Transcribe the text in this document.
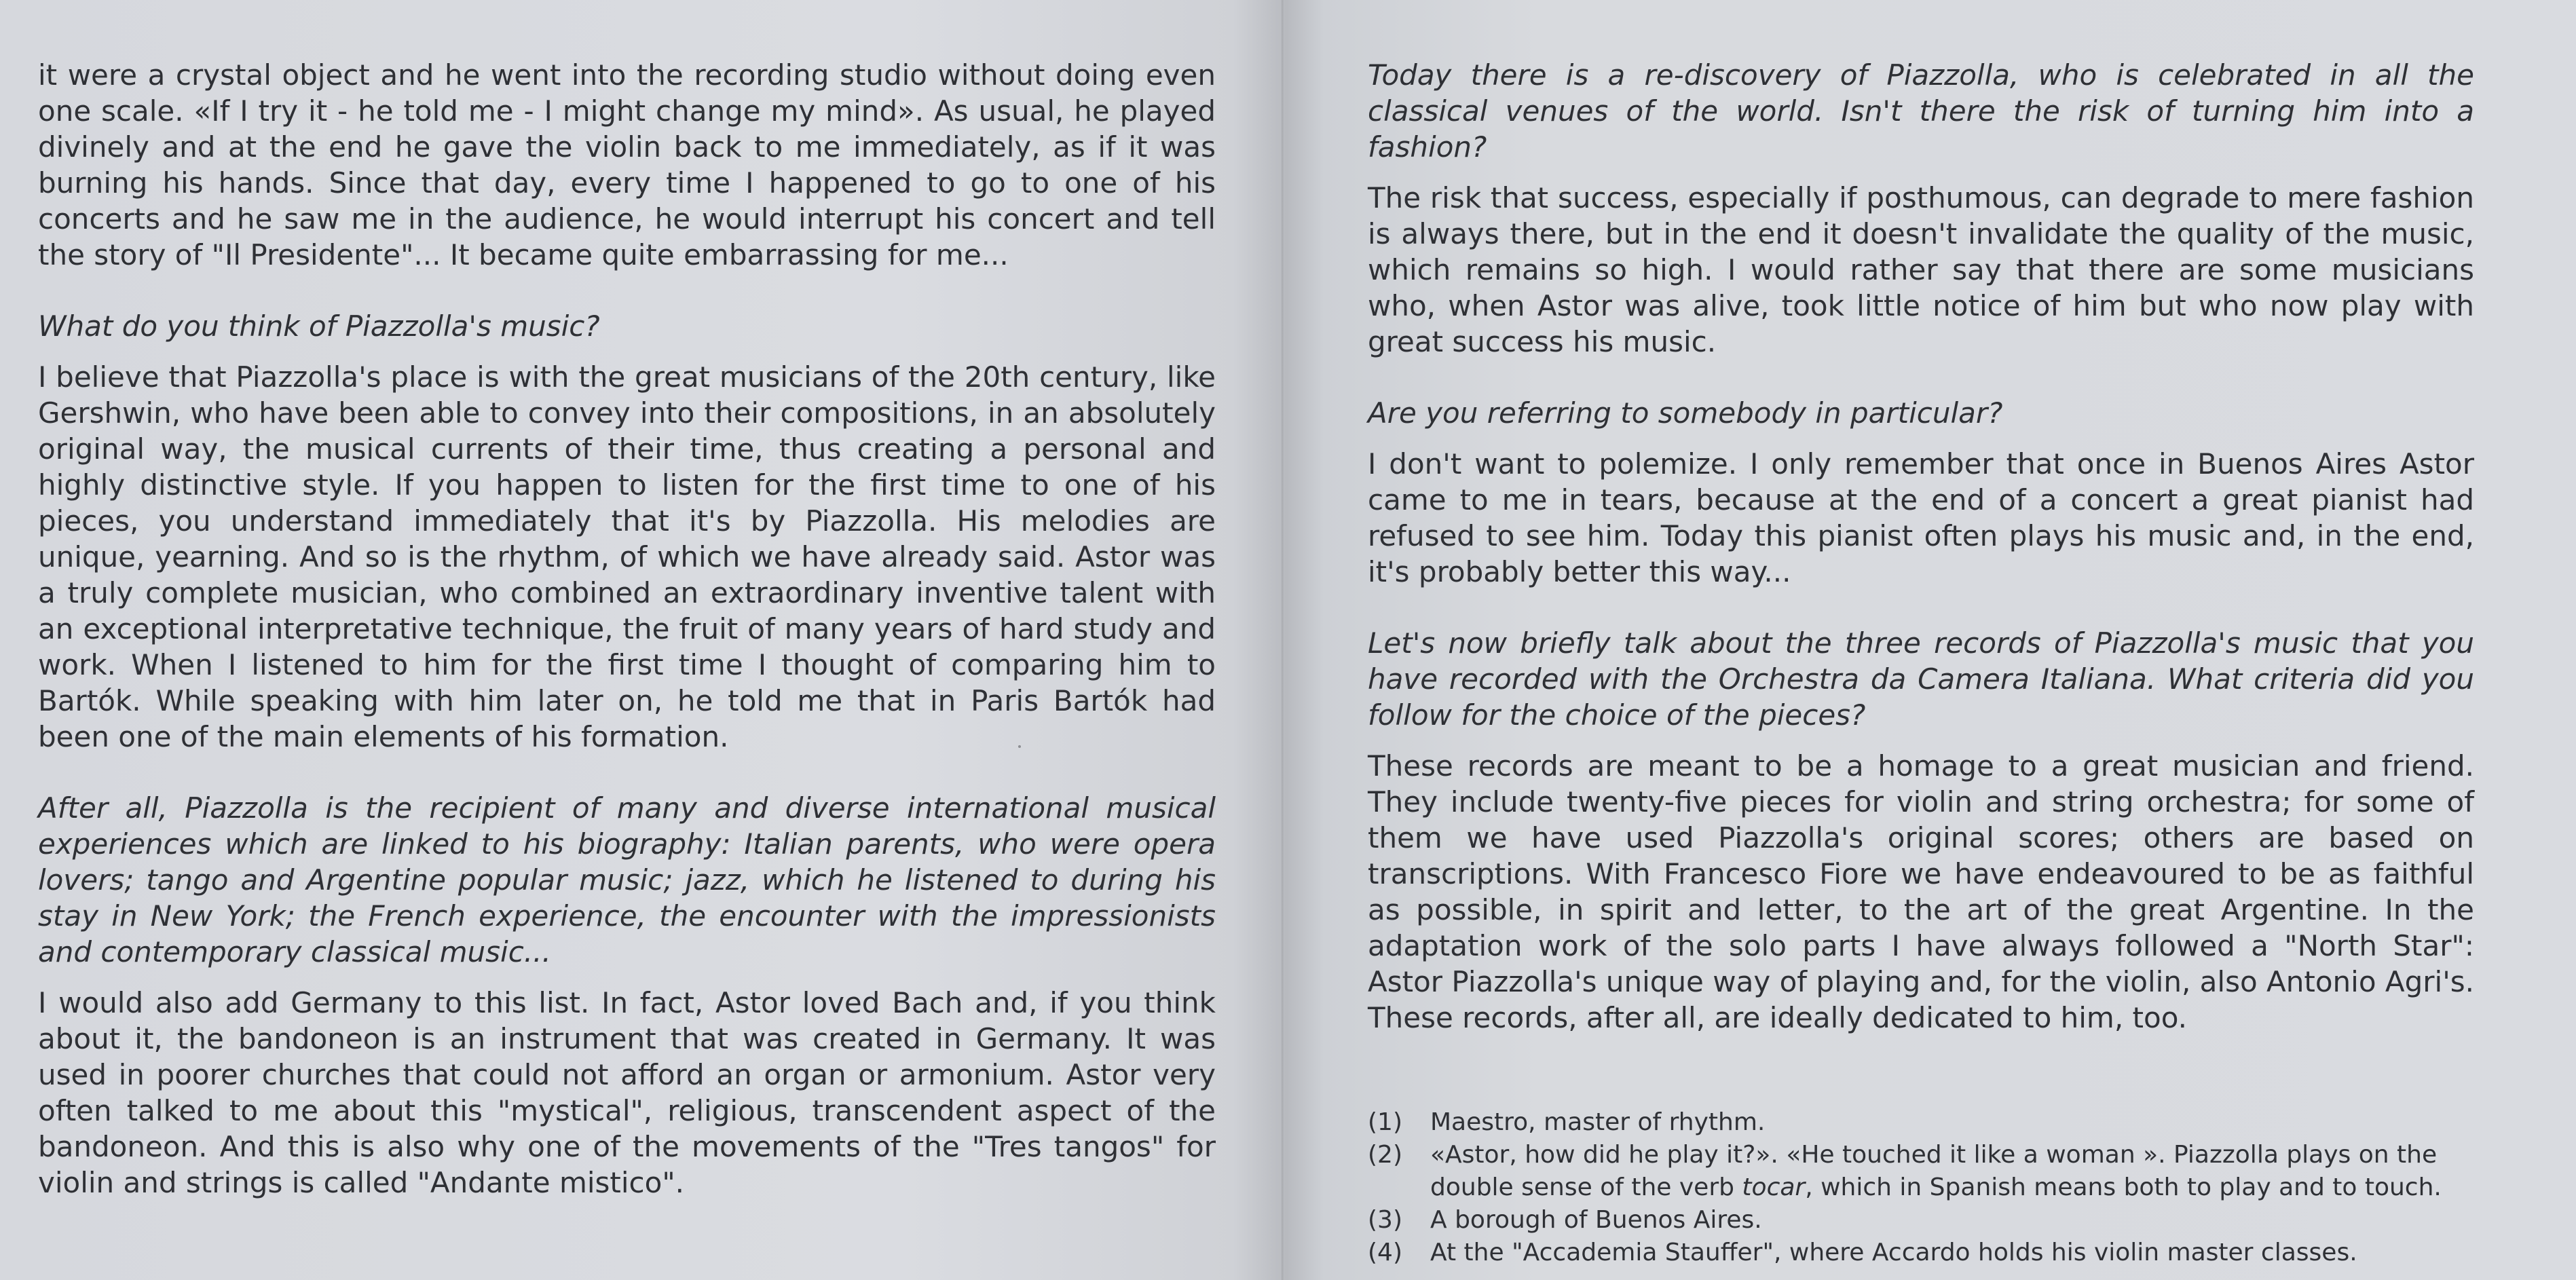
it were a crystal object and he went into the recording studio without doing even one scale. «If I try it - he told me - I might change my mind». As usual, he played divinely and at the end he gave the violin back to me immediately, as if it was burning his hands. Since that day, every time I happened to go to one of his concerts and he saw me in the audience, he would interrupt his concert and tell the story of "Il Presidente"... It became quite embarrassing for me...

What do you think of Piazzolla's music?

I believe that Piazzolla's place is with the great musicians of the 20th century, like Gershwin, who have been able to convey into their compositions, in an absolutely original way, the musical currents of their time, thus creating a personal and highly distinctive style. If you happen to listen for the first time to one of his pieces, you understand immediately that it's by Piazzolla. His melodies are unique, yearning. And so is the rhythm, of which we have already said. Astor was a truly complete musician, who combined an extraordinary inventive talent with an exceptional interpretative technique, the fruit of many years of hard study and work. When I listened to him for the first time I thought of comparing him to Bartók. While speaking with him later on, he told me that in Paris Bartók had been one of the main elements of his formation.

After all, Piazzolla is the recipient of many and diverse international musical experiences which are linked to his biography: Italian parents, who were opera lovers; tango and Argentine popular music; jazz, which he listened to during his stay in New York; the French experience, the encounter with the impressionists and contemporary classical music...

I would also add Germany to this list. In fact, Astor loved Bach and, if you think about it, the bandoneon is an instrument that was created in Germany. It was used in poorer churches that could not afford an organ or armonium. Astor very often talked to me about this "mystical", religious, transcendent aspect of the bandoneon. And this is also why one of the movements of the "Tres tangos" for violin and strings is called "Andante mistico".

Today there is a re-discovery of Piazzolla, who is celebrated in all the classical venues of the world. Isn't there the risk of turning him into a fashion?

The risk that success, especially if posthumous, can degrade to mere fashion is always there, but in the end it doesn't invalidate the quality of the music, which remains so high. I would rather say that there are some musicians who, when Astor was alive, took little notice of him but who now play with great success his music.

Are you referring to somebody in particular?

I don't want to polemize. I only remember that once in Buenos Aires Astor came to me in tears, because at the end of a concert a great pianist had refused to see him. Today this pianist often plays his music and, in the end, it's probably better this way...

Let's now briefly talk about the three records of Piazzolla's music that you have recorded with the Orchestra da Camera Italiana. What criteria did you follow for the choice of the pieces?

These records are meant to be a homage to a great musician and friend. They include twenty-five pieces for violin and string orchestra; for some of them we have used Piazzolla's original scores; others are based on transcriptions. With Francesco Fiore we have endeavoured to be as faithful as possible, in spirit and letter, to the art of the great Argentine. In the adaptation work of the solo parts I have always followed a "North Star": Astor Piazzolla's unique way of playing and, for the violin, also Antonio Agri's. These records, after all, are ideally dedicated to him, too.

(1)	Maestro, master of rhythm.
(2)	«Astor, how did he play it?». «He touched it like a woman ». Piazzolla plays on the double sense of the verb tocar, which in Spanish means both to play and to touch.
(3)	A borough of Buenos Aires.
(4)	At the "Accademia Stauffer", where Accardo holds his violin master classes.
